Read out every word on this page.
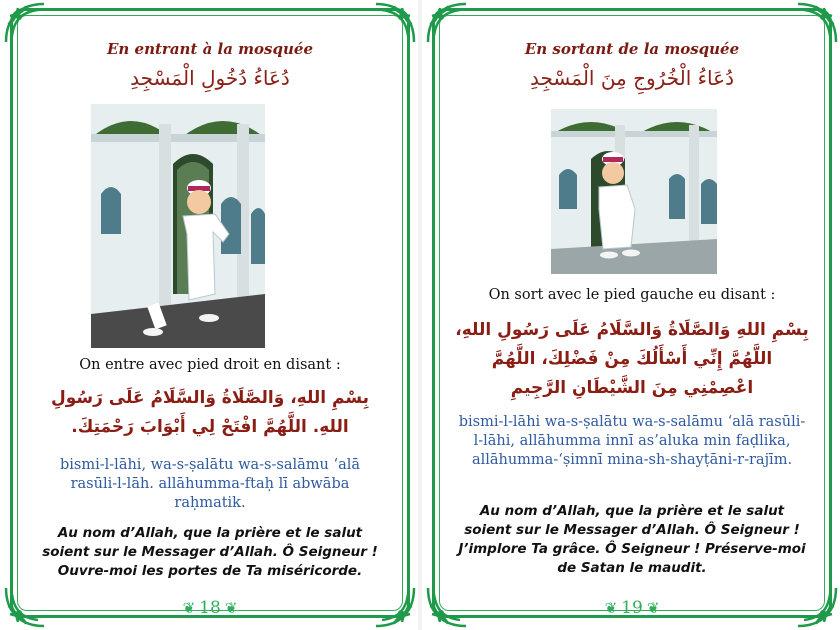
En entrant à la mosquée
دُعَاءُ دُخُولِ الْمَسْجِدِ
On entre avec pied droit en disant :
بِسْمِ اللهِ، وَالصَّلَاةُ وَالسَّلَامُ عَلَى رَسُولِ اللهِ. اللَّهُمَّ افْتَحْ لِي أَبْوَابَ رَحْمَتِكَ.
bismi-l-lāhi, wa-s-ṣalātu wa-s-salāmu ‘alā rasūli-l-lāh. allāhumma-ftaḥ lī abwāba raḥmatik.
Au nom d’Allah, que la prière et le salut soient sur le Messager d’Allah. Ô Seigneur ! Ouvre-moi les portes de Ta miséricorde.
❦ 18 ❦
En sortant de la mosquée
دُعَاءُ الْخُرُوجِ مِنَ الْمَسْجِدِ
On sort avec le pied gauche eu disant :
بِسْمِ اللهِ وَالصَّلَاةُ وَالسَّلَامُ عَلَى رَسُولِ اللهِ، اللَّهُمَّ إِنِّي أَسْأَلُكَ مِنْ فَضْلِكَ، اللَّهُمَّ اعْصِمْنِي مِنَ الشَّيْطَانِ الرَّجِيمِ
bismi-l-lāhi wa-s-ṣalātu wa-s-salāmu ‘alā rasūli-l-lāhi, allāhumma innī as’aluka min faḍlika, allāhumma-‘ṣimnī mina-sh-shayṭāni-r-rajīm.
Au nom d’Allah, que la prière et le salut soient sur le Messager d’Allah. Ô Seigneur ! J’implore Ta grâce. Ô Seigneur ! Préserve-moi de Satan le maudit.
❦ 19 ❦
